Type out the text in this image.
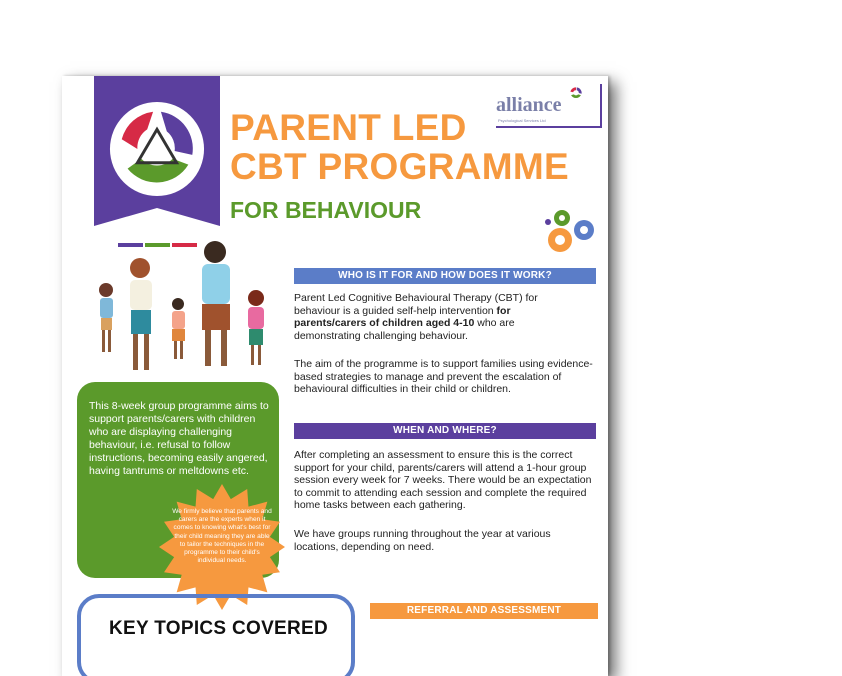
PARENT LED
CBT PROGRAMME
FOR BEHAVIOUR
alliance
Psychological Services Ltd
WHO IS IT FOR AND HOW DOES IT WORK?
Parent Led Cognitive Behavioural Therapy (CBT) for behaviour is a guided self-help intervention for parents/carers of children aged 4-10 who are demonstrating challenging behaviour.
The aim of the programme is to support families using evidence-based strategies to manage and prevent the escalation of behavioural difficulties in their child or children.
WHEN AND WHERE?
After completing an assessment to ensure this is the correct support for your child, parents/carers will attend a 1-hour group session every week for 7 weeks. There would be an expectation to commit to attending each session and complete the required home tasks between each gathering.
We have groups running throughout the year at various locations, depending on need.
REFERRAL AND ASSESSMENT
This 8-week group programme aims to support parents/carers with children who are displaying challenging behaviour, i.e. refusal to follow instructions, becoming easily angered, having tantrums or meltdowns etc.
We firmly believe that parents and carers are the experts when it comes to knowing what's best for their child meaning they are able to tailor the techniques in the programme to their child's individual needs.
KEY TOPICS COVERED
